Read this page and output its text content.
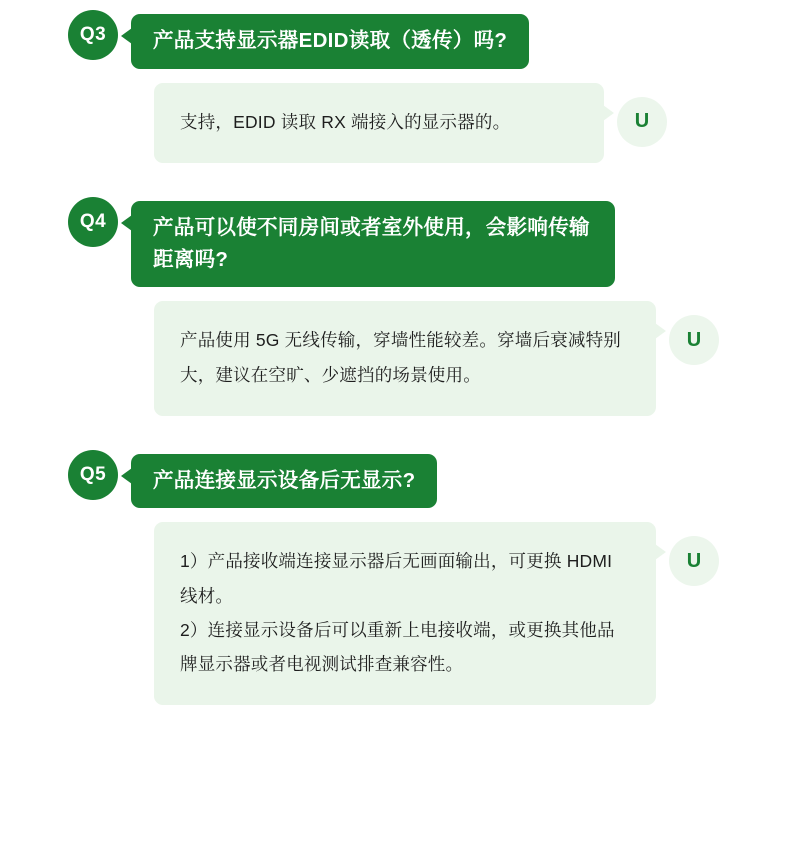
Q3	产品支持显示器EDID读取（透传）吗?

支持，EDID 读取 RX 端接入的显示器的。	U
Q4	产品可以使不同房间或者室外使用，会影响传输距离吗?

产品使用 5G 无线传输，穿墙性能较差。穿墙后衰减特别大，建议在空旷、少遮挡的场景使用。

U
Q5	产品连接显示设备后无显示?

1）产品接收端连接显示器后无画面输出，可更换 HDMI 线材。

2）连接显示设备后可以重新上电接收端，或更换其他品牌显示器或者电视测试排查兼容性。

U
